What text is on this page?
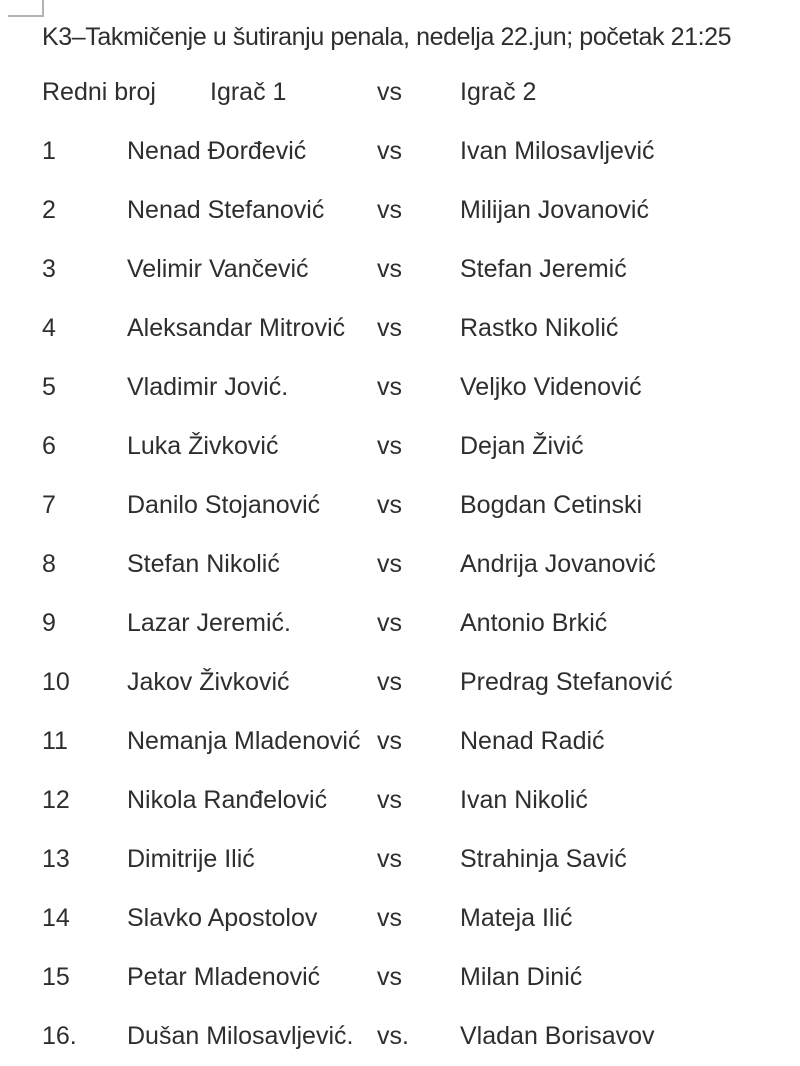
K3–Takmičenje u šutiranju penala, nedelja 22.jun; početak 21:25
Redni broj Igrač 1	vs Igrač 2
1	Nenad Đorđević	vs Ivan Milosavljević
2	Nenad Stefanović vs Milijan Jovanović
3	Velimir Vančević	vs Stefan Jeremić
4	Aleksandar Mitrović vs Rastko Nikolić
5	Vladimir Jović.	vs Veljko Videnović
6	Luka Živković	vs Dejan Živić
7	Danilo Stojanović vs Bogdan Cetinski
8	Stefan Nikolić	vs Andrija Jovanović
9	Lazar Jeremić.	vs Antonio Brkić
10 Jakov Živković	vs Predrag Stefanović
11 Nemanja Mladenović vs Nenad Radić
12 Nikola Ranđelović vs Ivan Nikolić
13 Dimitrije Ilić	vs Strahinja Savić
14 Slavko Apostolov vs Mateja Ilić
15 Petar Mladenović vs Milan Dinić
16. Dušan Milosavljević. vs. Vladan Borisavov
